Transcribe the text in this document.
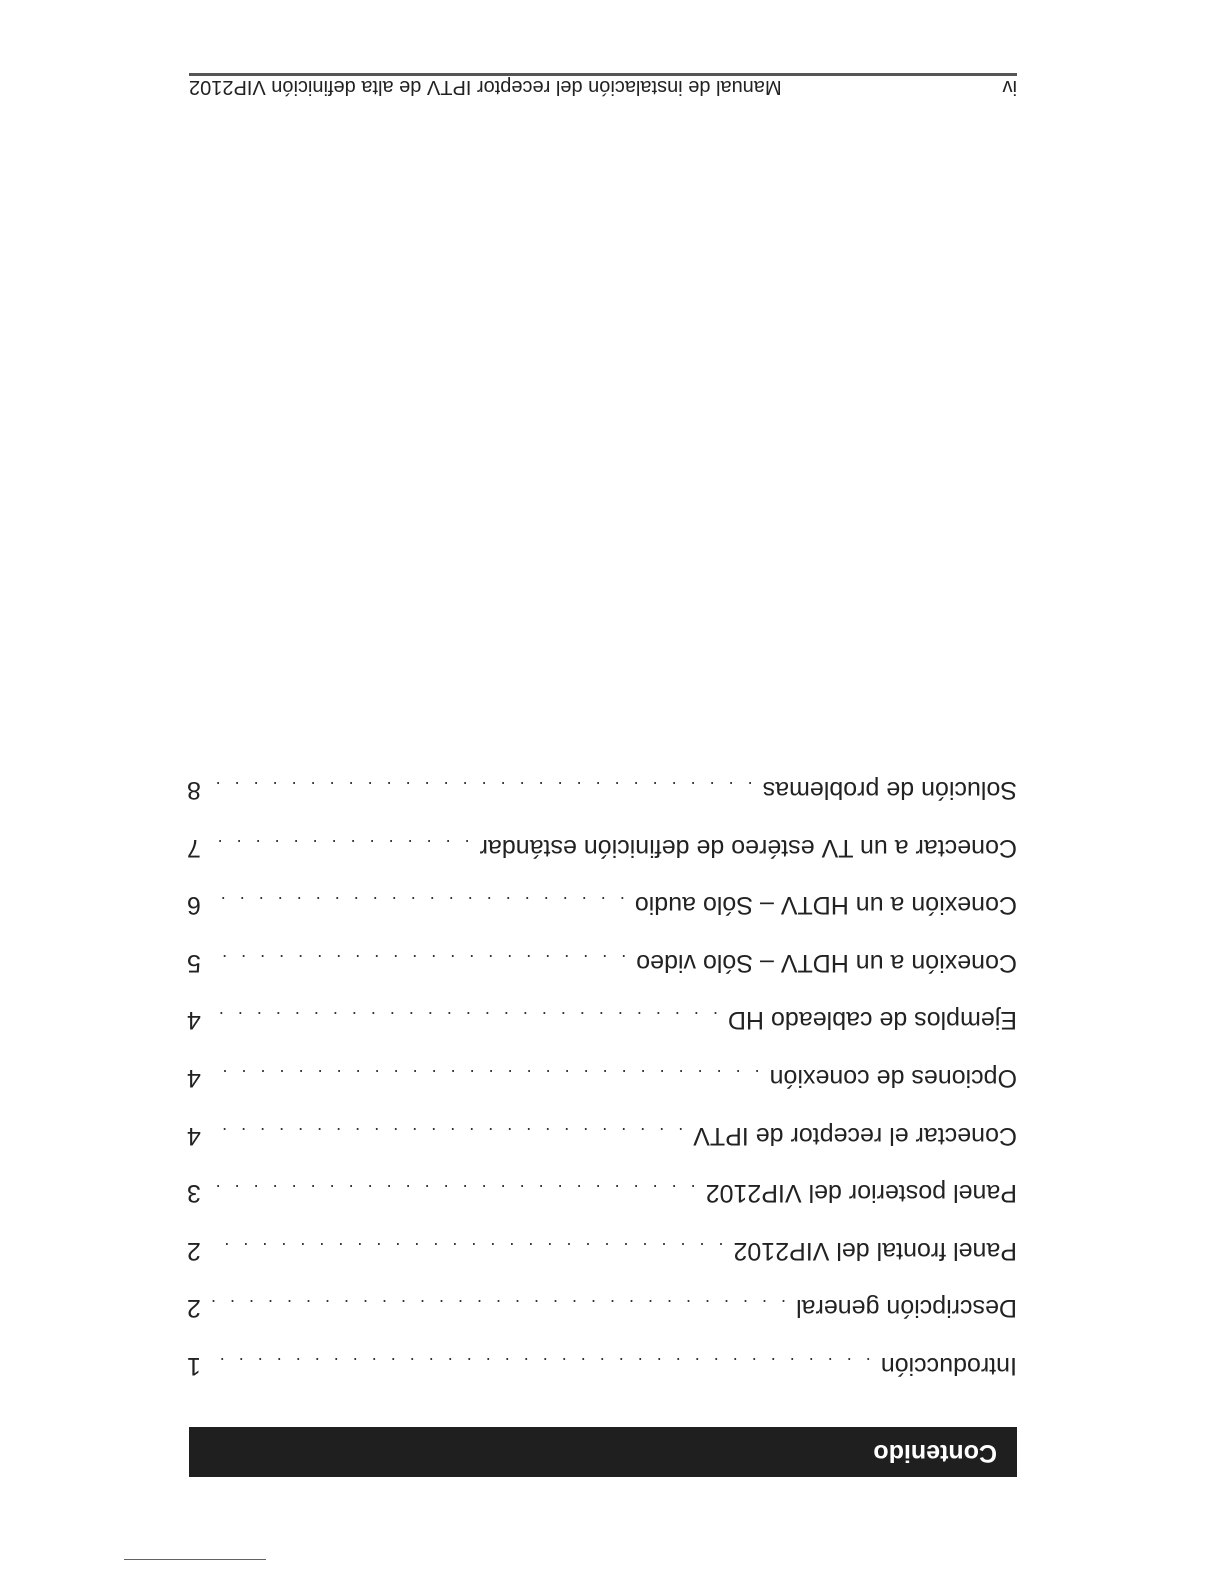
iv
Manual de instalación del receptor IPTV de alta definición VIP2102
Contenido
Introducción
. . .
1
Descripción general
. . .
2
Panel frontal del VIP2102
. . .
2
Panel posterior del VIP2102
. . .
3
Conectar el receptor de IPTV
. . .
4
Opciones de conexión
. . .
4
Ejemplos de cableado HD
. . .
4
Conexión a un HDTV – Sólo video
. . .
5
Conexión a un HDTV – Sólo audio
. . .
6
Conectar a un TV estéreo de definición estándar
. . .
7
Solución de problemas
. . .
8
